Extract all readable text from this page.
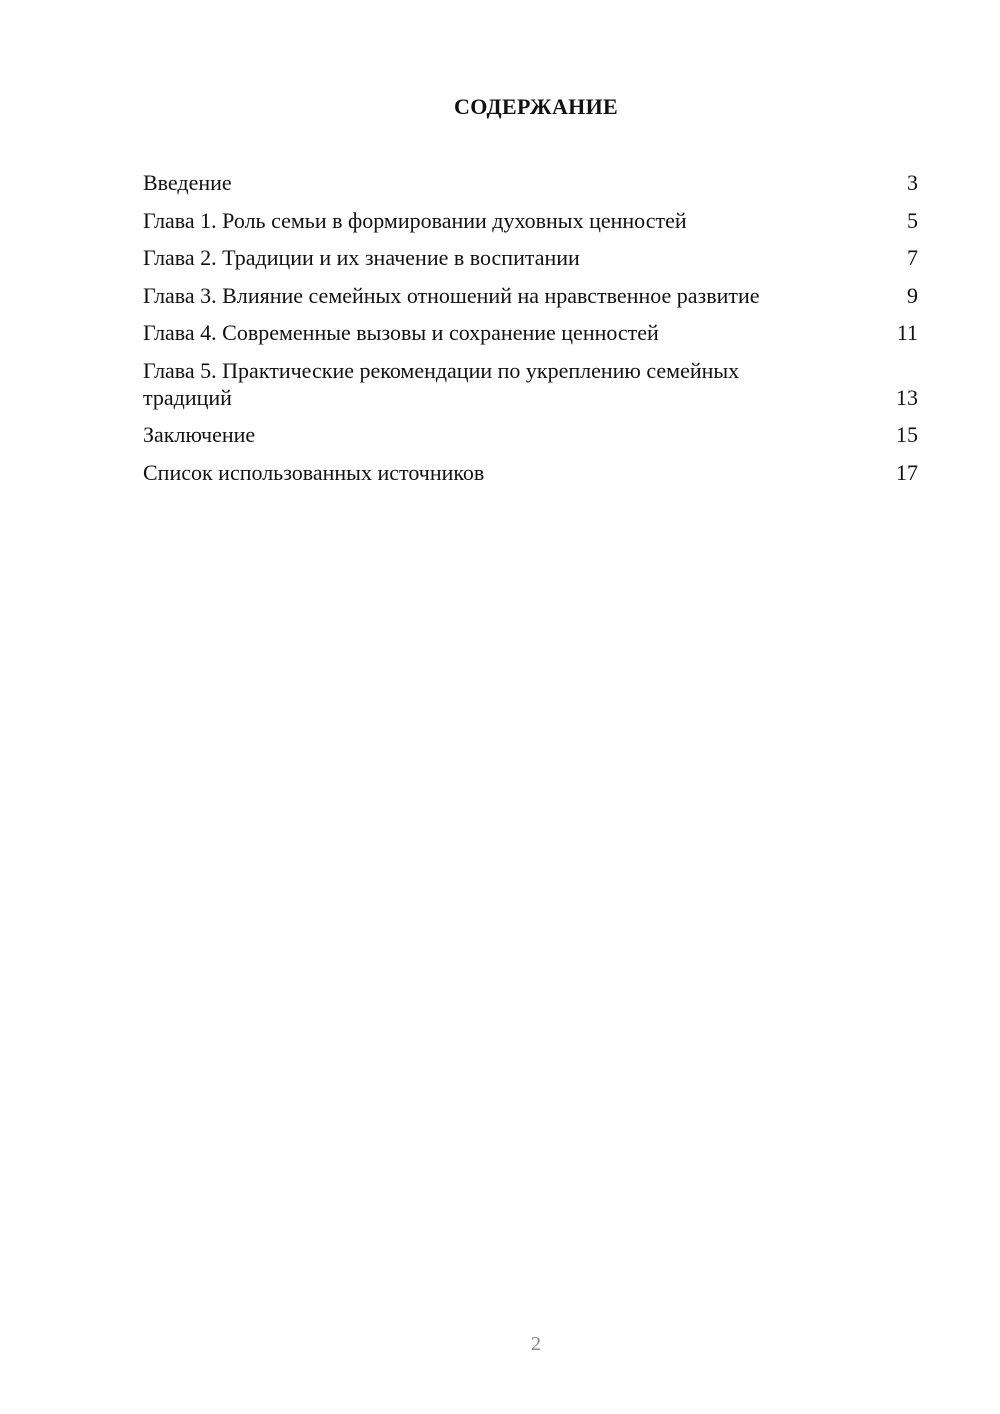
СОДЕРЖАНИЕ
Введение	3
Глава 1. Роль семьи в формировании духовных ценностей	5
Глава 2. Традиции и их значение в воспитании	7
Глава 3. Влияние семейных отношений на нравственное развитие	9
Глава 4. Современные вызовы и сохранение ценностей	11
Глава 5. Практические рекомендации по укреплению семейных традиций	13
Заключение	15
Список использованных источников	17
2
